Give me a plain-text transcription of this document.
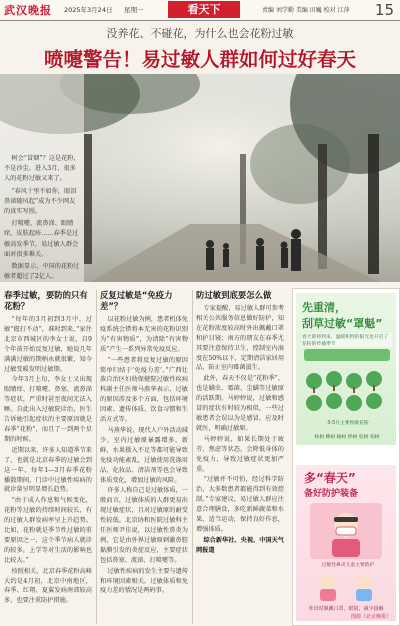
武汉晚报 2025年3月24日 星期一	看天下	责编 刘学勤 美编 田巍 校对 江萍 15
没养花、不碰花，为什么也会花粉过敏
喷嚏警告！易过敏人群如何过好春天

树会“冒烟”？这是花粉，不是沙尘。进入3月，很多人的花粉过敏又来了。

“春风十里不如你，眼泪鼻涕随风起”成为不少网友的真实写照。

打喷嚏、流鼻涕、眼睛痒，皮肤起疹……春季是过敏高发季节，易过敏人群会面对很多难关。

数据显示，中国的花粉过敏者超过了2亿人。

春季过敏，要防的只有花粉？

“每年的3月初到3月中，过敏“握打不动”，准时到来，”家住北京市西城区的李女士说，自9个年前开始反复过敏，她说几年满满过敏的期柄永就很繁，知今过敏变暖发明过敏期。

今年3月上旬，李女士又出现眼睛痒、打喷嚏、鼻塞、流鼻涕等症状，严重时甚至夜间无法入睡。自此出入过敏院诊治，医生告诉她引起症状的主要原因就是春季“花粉”，而且了一到两个星期的时候。

近期以来，许多人知道季节来了，也就是北京春季的过敏会到这一年，每年1—3月春季花粉播散期间，门诊中过敏性疾病的就诊量呈明显增长趋势。

“由于成人作息和气候变化，花粉等过敏的持续时间较长，有的过敏人群发病率呈上升趋势。比如，花粉就是季节性过敏的重要原因之一，这个季节病人就诊的较多，上学等对生活的影响也比较大。”

按照相关，北京春季花粉高峰大约是4月初，北京中南地区，春季、红翔、夏翼发病南郊较高多，也要注重防护措施。

反复过敏是“免疫力差”？

以花粉过敏为例，患者机体免疫系统会错将本无害的花粉识别为“有害物质”，为清除“有害物质”产生一系列异常免疫反应。

“一些患者将反复过敏的原因简单归结于‘免疫力差’。”广西壮族自治区妇幼保健院过敏性疾病科副主任医师马燕华表示，过敏的原因涉及多个方面，包括环境因素、遗传体质、饮食习惯和生活方式等。

马燕华说，现代人户外活动减少，室内过敏原暴露增多，新鲜、水果摄入不足等都可能导致免疫功能紊乱，过敏使用洗涤用品、化妆品、清洁剂等也会导致体质变化，增加过敏的风险。

许多人称自己是过敏体质，一般而言，过敏体质的人群更易出现过敏症状，且对过敏原的耐受性较低。北京协和医院过敏科主任医师尹佳说，以过敏性鼻炎为例，它是由外界过敏原刺激鼻腔黏膜引发的炎症反应，主要症状包括鼻塞、流涕、打喷嚏等。

过敏性疾病的发生主要与遗传和环境因素相关。过敏体质和免疫力差的情况是两码事。

防过敏到底要怎么做

专家提醒，易过敏人群可参考相关公共服务信息做好防护，知在花粉浓度较高时外出佩戴口罩和护目镜；南方的朋友在春季尤其要注意保持卫生，控制室内湿度在50%以下，定期清洁家居用品，防止室内霉菌滋生。

此外，春天不仅是“花粉季”，也是螨虫、霉菌、尘螨等过敏原的活跃期。马婷婷说，过敏和感冒的症状有时较为相似，一些过敏患者会误以为是感冒，应及时就医，明确过敏原。

马婷婷说，如果长期处于疲劳、焦虑等状态，会降低身体的免疫力，导致过敏症状更加严重。

“过敏并不可怕，经过科学防治，大多数患者都能得到有效控制。”专家建议，易过敏人群应注意合理膳食，多吃新鲜蔬菜和水果，适当运动，保持良好作息，增强体质。

综合新华社、央视、中国天气网报道

先重清，
刮草过敏“罩魁”
春天即将到来，温暖和煦的阳光也开启了花粉的传播季节
3-5月主要致敏花粉
杨树 柳树 榆树 桦树 松树 柏树
多“春天”
备好防护装备
过敏性鼻炎儿童主要防护
外出时佩戴口罩、眼镜，减少接触
图源《北京晚报》
